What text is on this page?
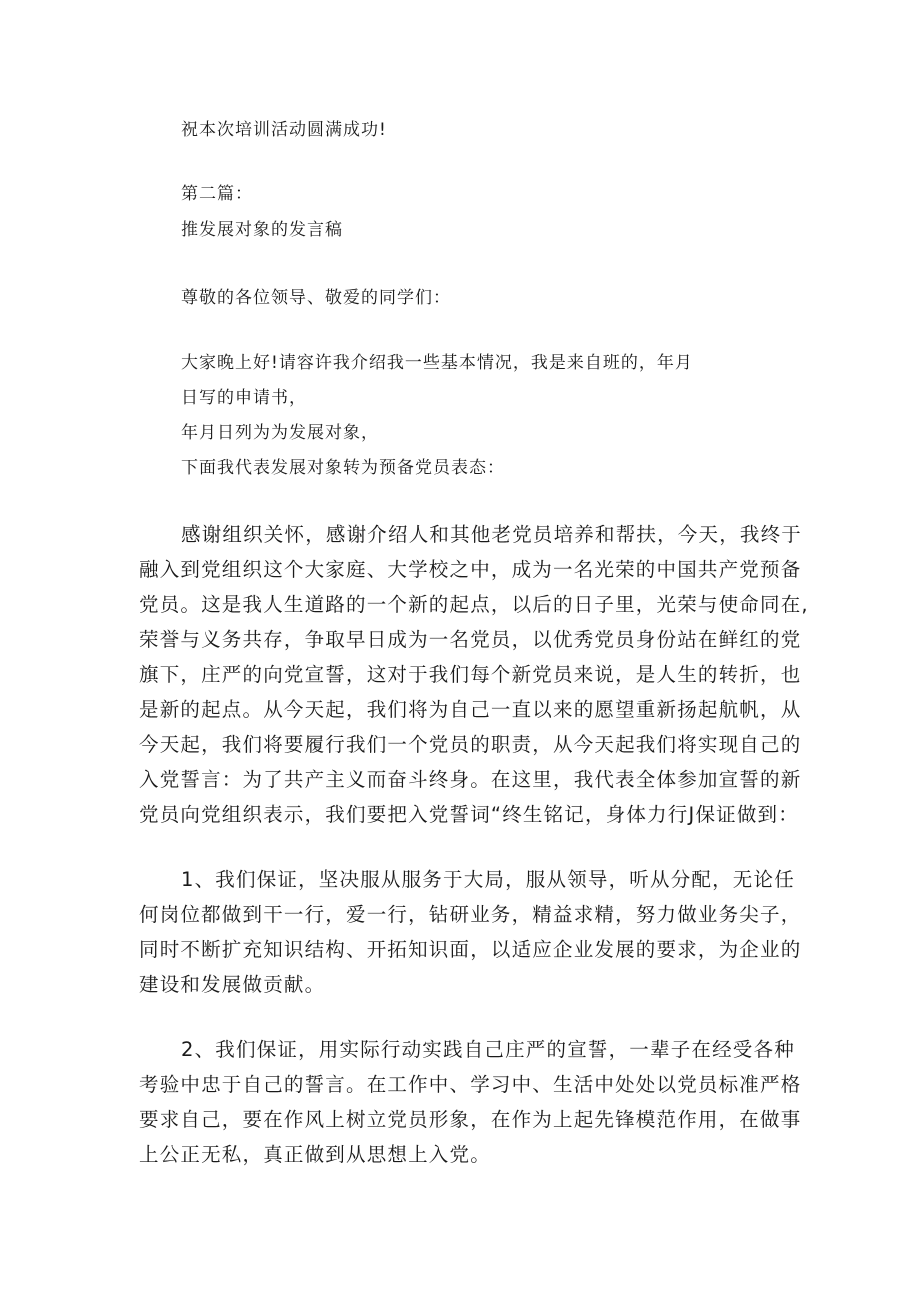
祝本次培训活动圆满成功!

第二篇：

推发展对象的发言稿

尊敬的各位领导、敬爱的同学们：

大家晚上好!请容许我介绍我一些基本情况，我是来自班的，年月

日写的申请书，

年月日列为为发展对象，

下面我代表发展对象转为预备党员表态：

感谢组织关怀，感谢介绍人和其他老党员培养和帮扶，今天，我终于

融入到党组织这个大家庭、大学校之中，成为一名光荣的中国共产党预备

党员。这是我人生道路的一个新的起点，以后的日子里，光荣与使命同在,

荣誉与义务共存，争取早日成为一名党员，以优秀党员身份站在鲜红的党

旗下，庄严的向党宣誓，这对于我们每个新党员来说，是人生的转折，也

是新的起点。从今天起，我们将为自己一直以来的愿望重新扬起航帆，从

今天起，我们将要履行我们一个党员的职责，从今天起我们将实现自己的

入党誓言：为了共产主义而奋斗终身。在这里，我代表全体参加宣誓的新

党员向党组织表示，我们要把入党誓词“终生铭记，身体力行J保证做到：

1、我们保证，坚决服从服务于大局，服从领导，听从分配，无论任

何岗位都做到干一行，爱一行，钻研业务，精益求精，努力做业务尖子，

同时不断扩充知识结构、开拓知识面，以适应企业发展的要求，为企业的

建设和发展做贡献。

2、我们保证，用实际行动实践自己庄严的宣誓，一辈子在经受各种

考验中忠于自己的誓言。在工作中、学习中、生活中处处以党员标准严格

要求自己，要在作风上树立党员形象，在作为上起先锋模范作用，在做事

上公正无私，真正做到从思想上入党。
